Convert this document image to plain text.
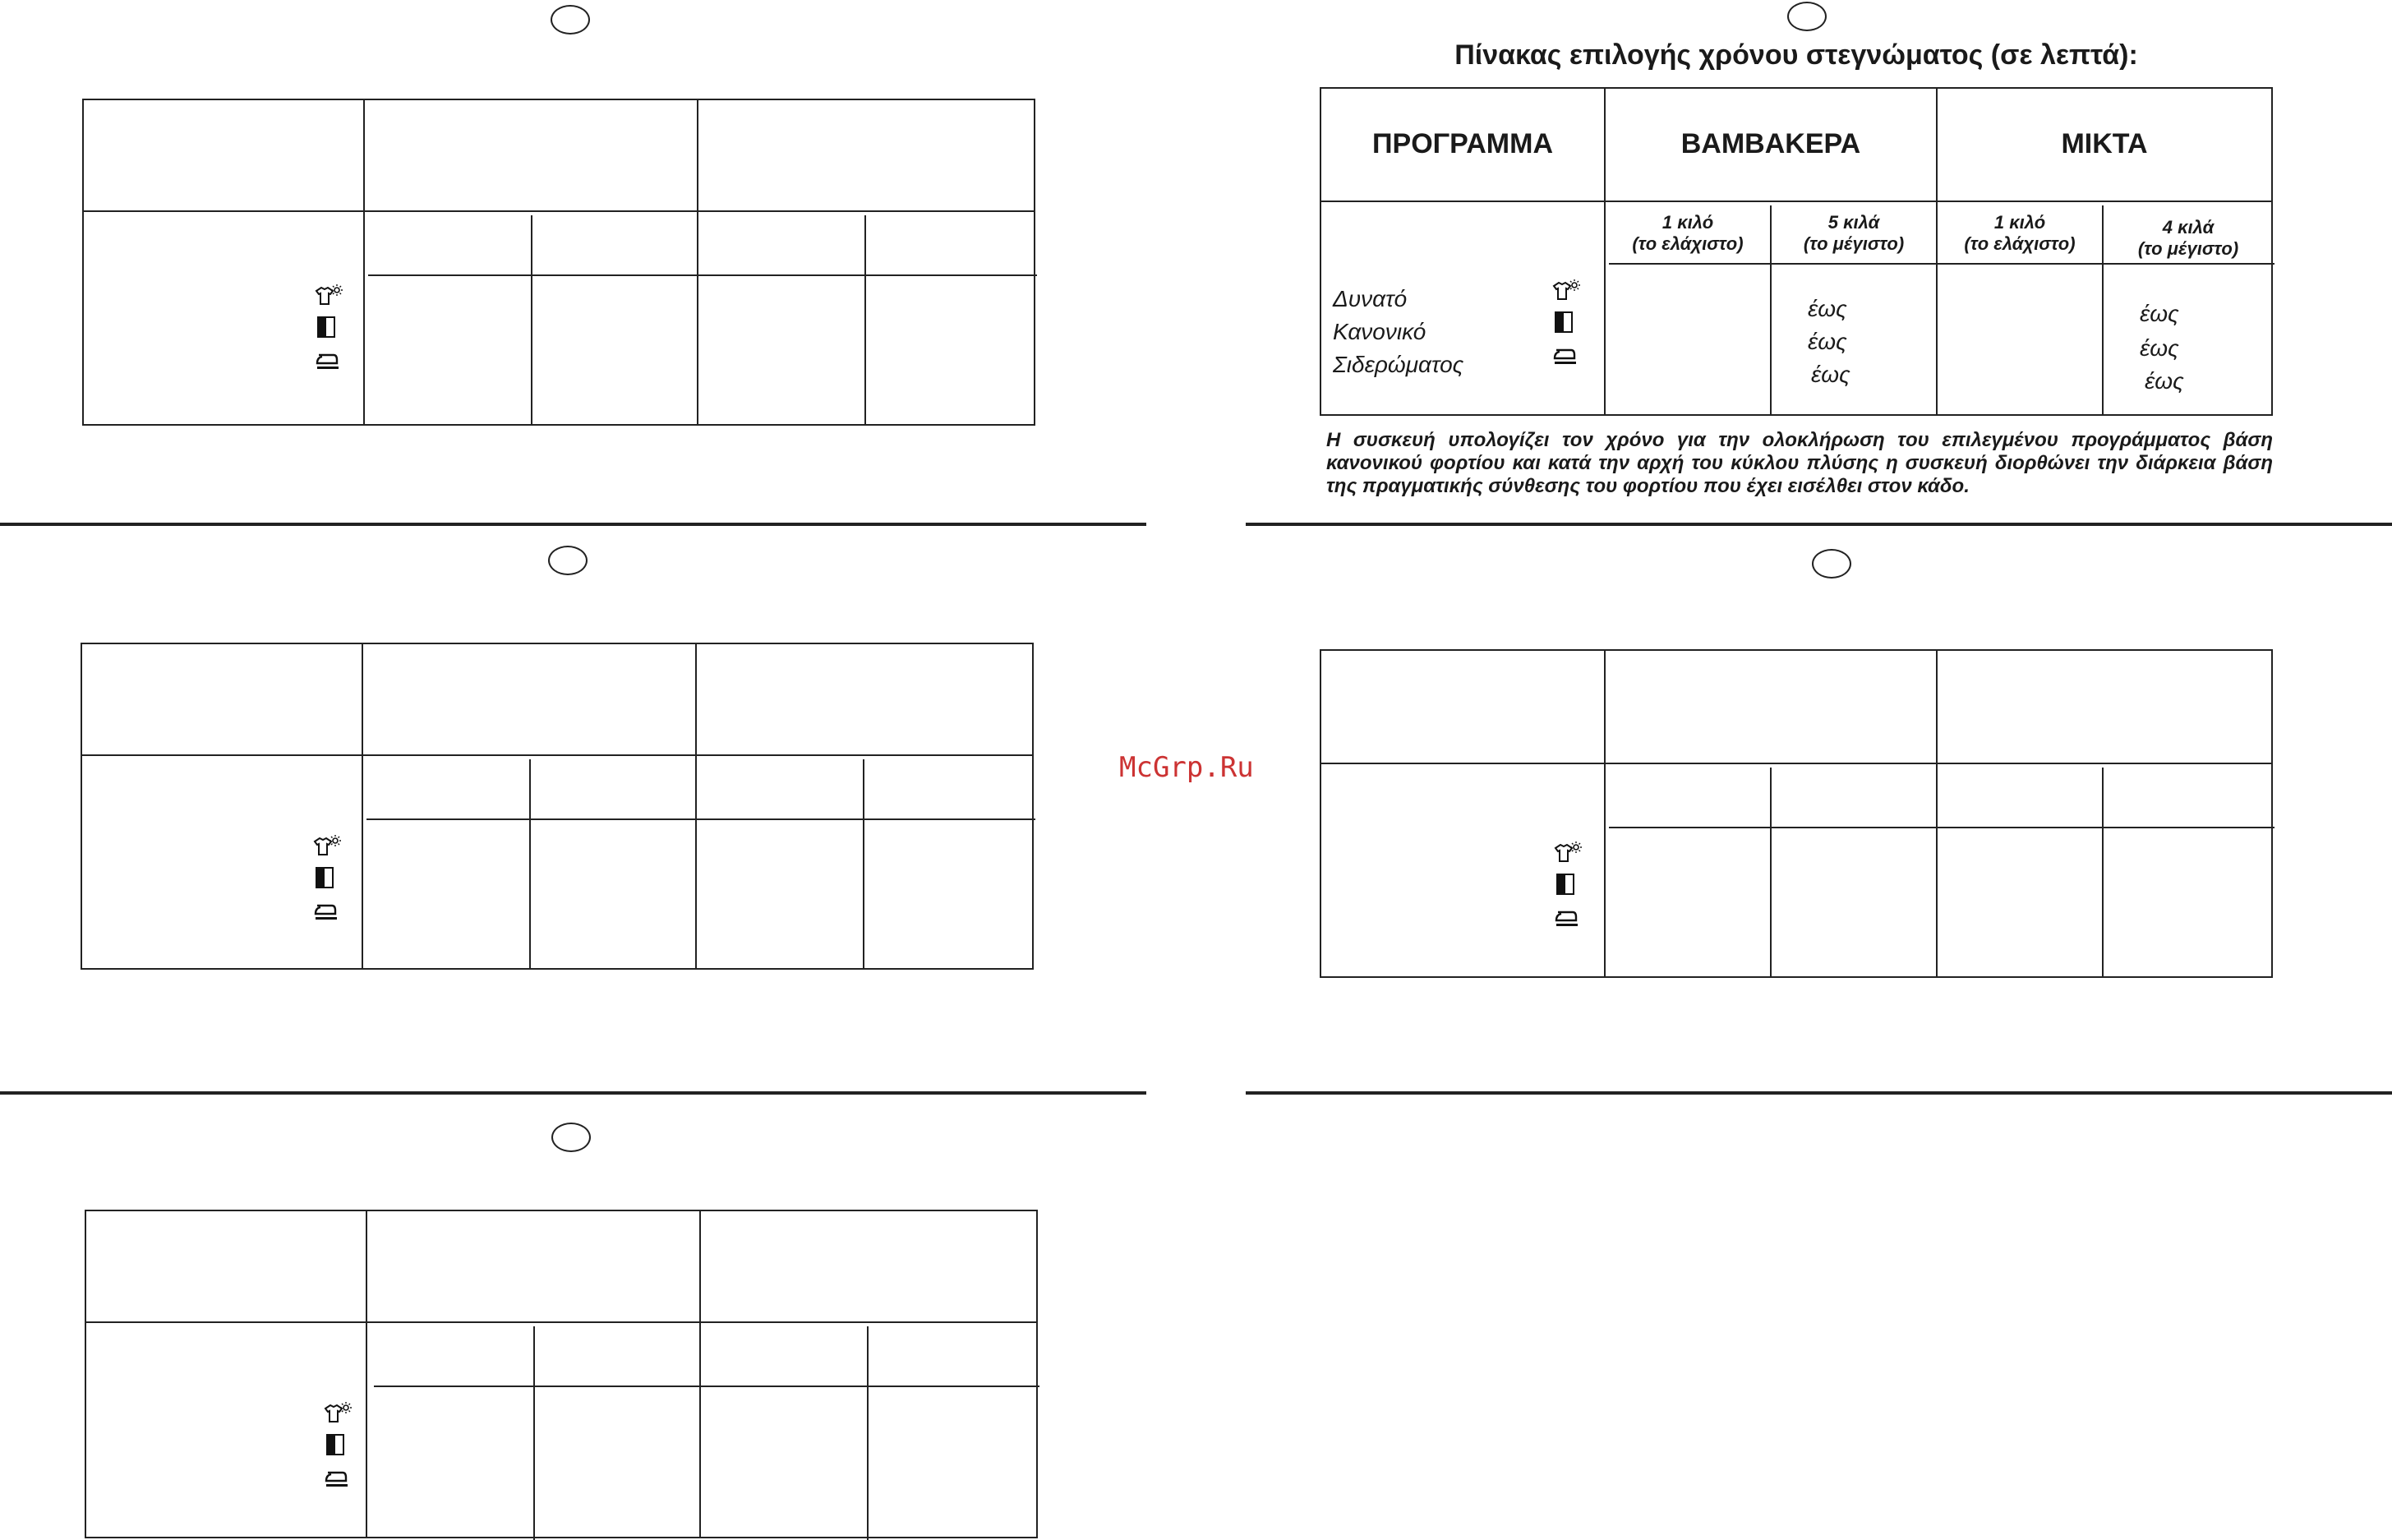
Πίνακας επιλογής χρόνου στεγνώματος (σε λεπτά):
ΠΡΟΓΡΑΜΜΑ	ΒΑΜΒΑΚΕΡΑ	ΜΙΚΤΑ
1 κιλό
(το ελάχιστο)
5 κιλά
(το μέγιστο)
1 κιλό
(το ελάχιστο)
4 κιλά
(το μέγιστο)
Δυνατό
Κανονικό
Σιδερώματος
έως
έως
έως
έως
έως
έως
Η συσκευή υπολογίζει τον χρόνο για την ολοκλήρωση του επιλεγμένου προγράμματος βάση κανονικού φορτίου και κατά την αρχή του κύκλου πλύσης η συσκευή διορθώνει την διάρκεια βάση της πραγματικής σύνθεσης του φορτίου που έχει εισέλθει στον κάδο.
McGrp.Ru
